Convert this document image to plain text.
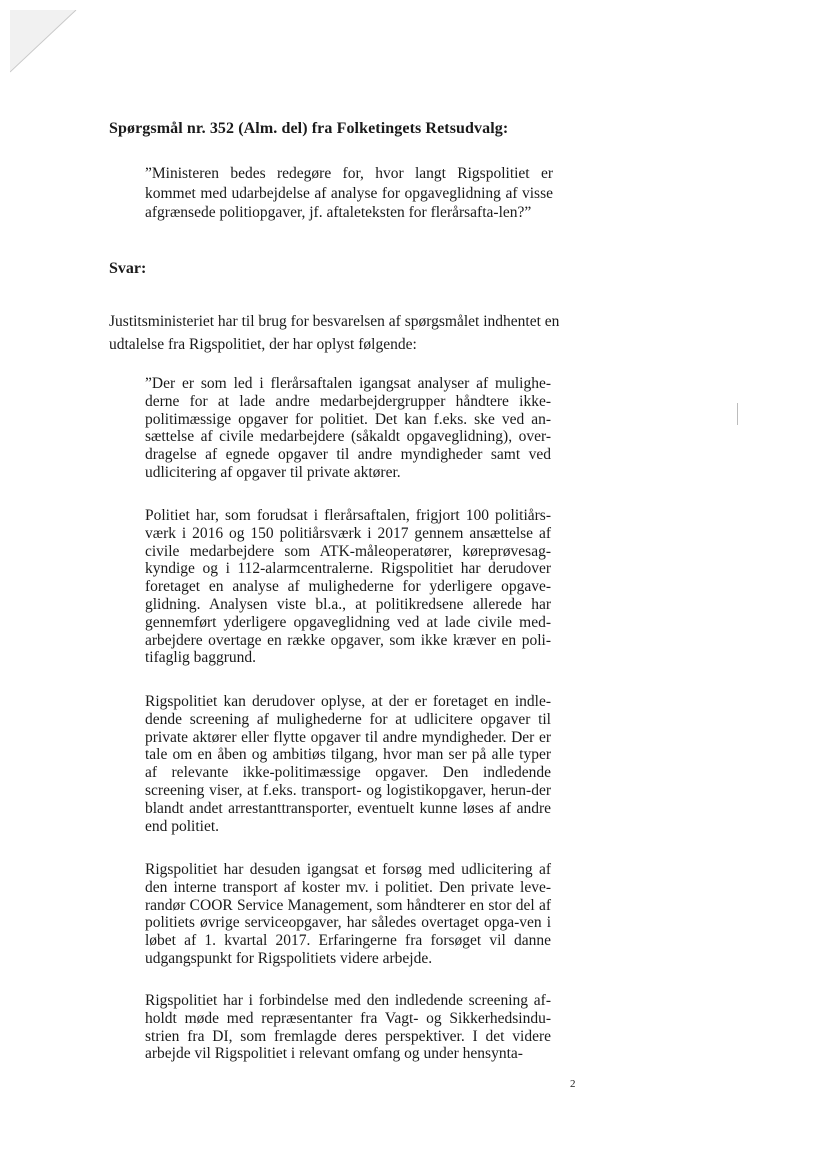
Spørgsmål nr. 352 (Alm. del) fra Folketingets Retsudvalg:
”Ministeren bedes redegøre for, hvor langt Rigspolitiet er kommet med udarbejdelse af analyse for opgaveglidning af visse afgrænsede politiopgaver, jf. aftaleteksten for flerårsafta-len?”
Svar:
Justitsministeriet har til brug for besvarelsen af spørgsmålet indhentet en
udtalelse fra Rigspolitiet, der har oplyst følgende:
”Der er som led i flerårsaftalen igangsat analyser af mulighe-derne for at lade andre medarbejdergrupper håndtere ikke-politimæssige opgaver for politiet. Det kan f.eks. ske ved an-sættelse af civile medarbejdere (såkaldt opgaveglidning), over-dragelse af egnede opgaver til andre myndigheder samt ved udlicitering af opgaver til private aktører.
Politiet har, som forudsat i flerårsaftalen, frigjort 100 politiårs-værk i 2016 og 150 politiårsværk i 2017 gennem ansættelse af civile medarbejdere som ATK-måleoperatører, køreprøvesag-kyndige og i 112-alarmcentralerne. Rigspolitiet har derudover foretaget en analyse af mulighederne for yderligere opgave-glidning. Analysen viste bl.a., at politikredsene allerede har gennemført yderligere opgaveglidning ved at lade civile med-arbejdere overtage en række opgaver, som ikke kræver en poli-tifaglig baggrund.
Rigspolitiet kan derudover oplyse, at der er foretaget en indle-dende screening af mulighederne for at udlicitere opgaver til private aktører eller flytte opgaver til andre myndigheder. Der er tale om en åben og ambitiøs tilgang, hvor man ser på alle typer af relevante ikke-politimæssige opgaver. Den indledende screening viser, at f.eks. transport- og logistikopgaver, herun-der blandt andet arrestanttransporter, eventuelt kunne løses af andre end politiet.
Rigspolitiet har desuden igangsat et forsøg med udlicitering af den interne transport af koster mv. i politiet. Den private leve-randør COOR Service Management, som håndterer en stor del af politiets øvrige serviceopgaver, har således overtaget opga-ven i løbet af 1. kvartal 2017. Erfaringerne fra forsøget vil danne udgangspunkt for Rigspolitiets videre arbejde.
Rigspolitiet har i forbindelse med den indledende screening af-holdt møde med repræsentanter fra Vagt- og Sikkerhedsindu-strien fra DI, som fremlagde deres perspektiver. I det videre arbejde vil Rigspolitiet i relevant omfang og under hensynta-
2
